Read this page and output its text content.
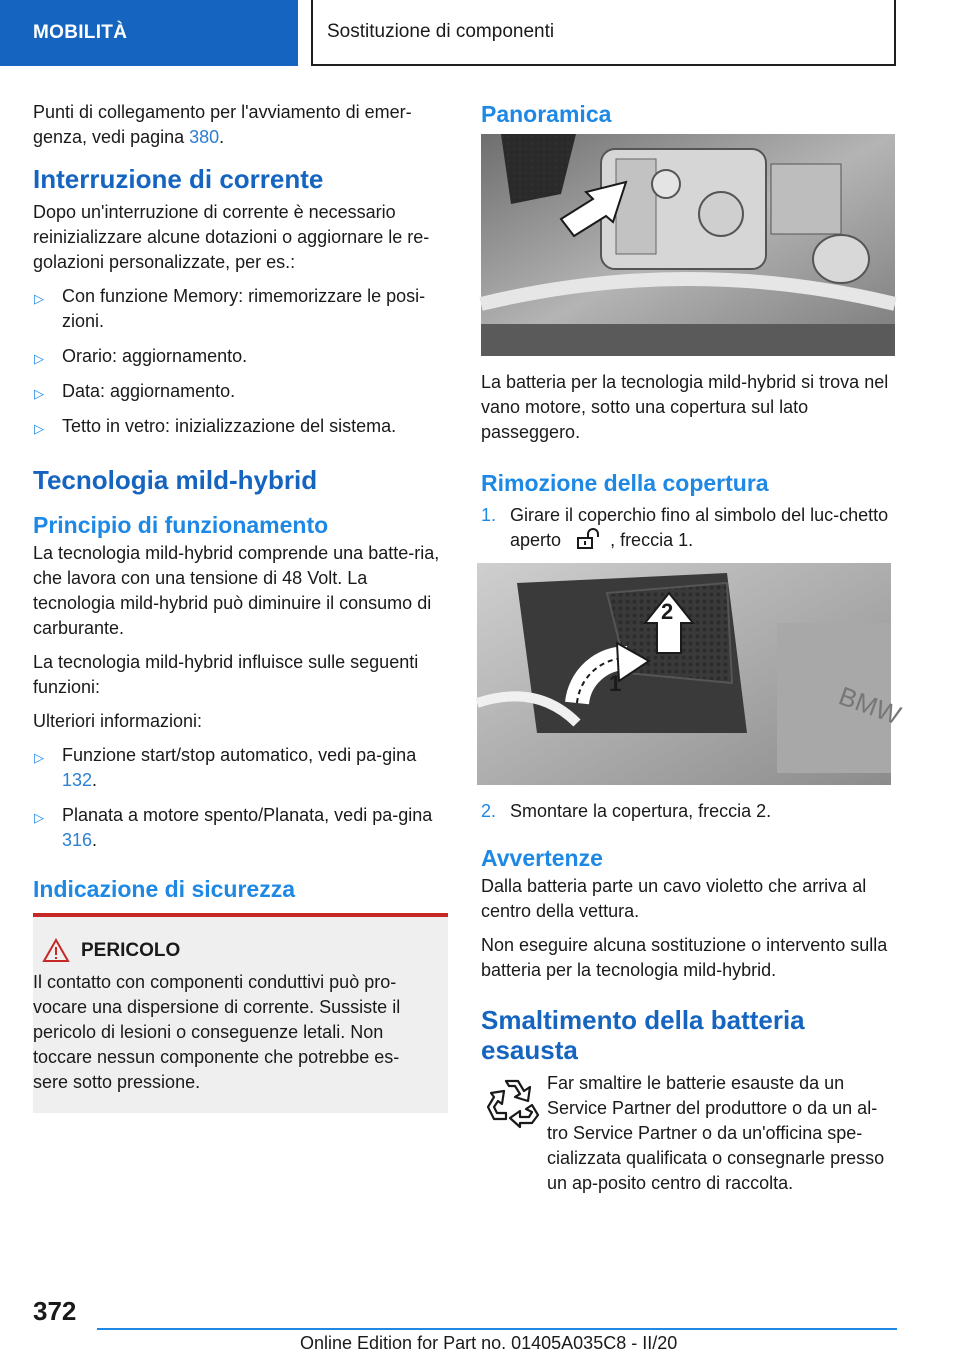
MOBILITÀ	Sostituzione di componenti

Punti di collegamento per l'avviamento di emer‐genza, vedi pagina 380.

Interruzione di corrente

Dopo un'interruzione di corrente è necessario reinizializzare alcune dotazioni o aggiornare le re‐golazioni personalizzate, per es.:

▷ Con funzione Memory: rimemorizzare le posi‐zioni.
▷ Orario: aggiornamento.
▷ Data: aggiornamento.
▷ Tetto in vetro: inizializzazione del sistema.
Tecnologia mild-hybrid
Principio di funzionamento

La tecnologia mild-hybrid comprende una batte‐ria, che lavora con una tensione di 48 Volt. La tecnologia mild-hybrid può diminuire il consumo di carburante.

La tecnologia mild-hybrid influisce sulle seguenti funzioni:

Ulteriori informazioni:

▷ Funzione start/stop automatico, vedi pa‐gina 132.
▷ Planata a motore spento/Planata, vedi pa‐gina 316.
Indicazione di sicurezza
PERICOLO

Il contatto con componenti conduttivi può pro‐vocare una dispersione di corrente. Sussiste il pericolo di lesioni o conseguenze letali. Non toccare nessun componente che potrebbe es‐sere sotto pressione.

Panoramica

La batteria per la tecnologia mild-hybrid si trova nel vano motore, sotto una copertura sul lato passeggero.

Rimozione della copertura
1. Girare il coperchio fino al simbolo del luc‐chetto aperto	, freccia 1.
BMW
1
2
2. Smontare la copertura, freccia 2.
Avvertenze

Dalla batteria parte un cavo violetto che arriva al centro della vettura.

Non eseguire alcuna sostituzione o intervento sulla batteria per la tecnologia mild-hybrid.

Smaltimento della batteria esausta

Far smaltire le batterie esauste da un Service Partner del produttore o da un al‐tro Service Partner o da un'officina spe‐cializzata qualificata o consegnarle presso un ap‐posito centro di raccolta.

372
Online Edition for Part no. 01405A035C8 - II/20
